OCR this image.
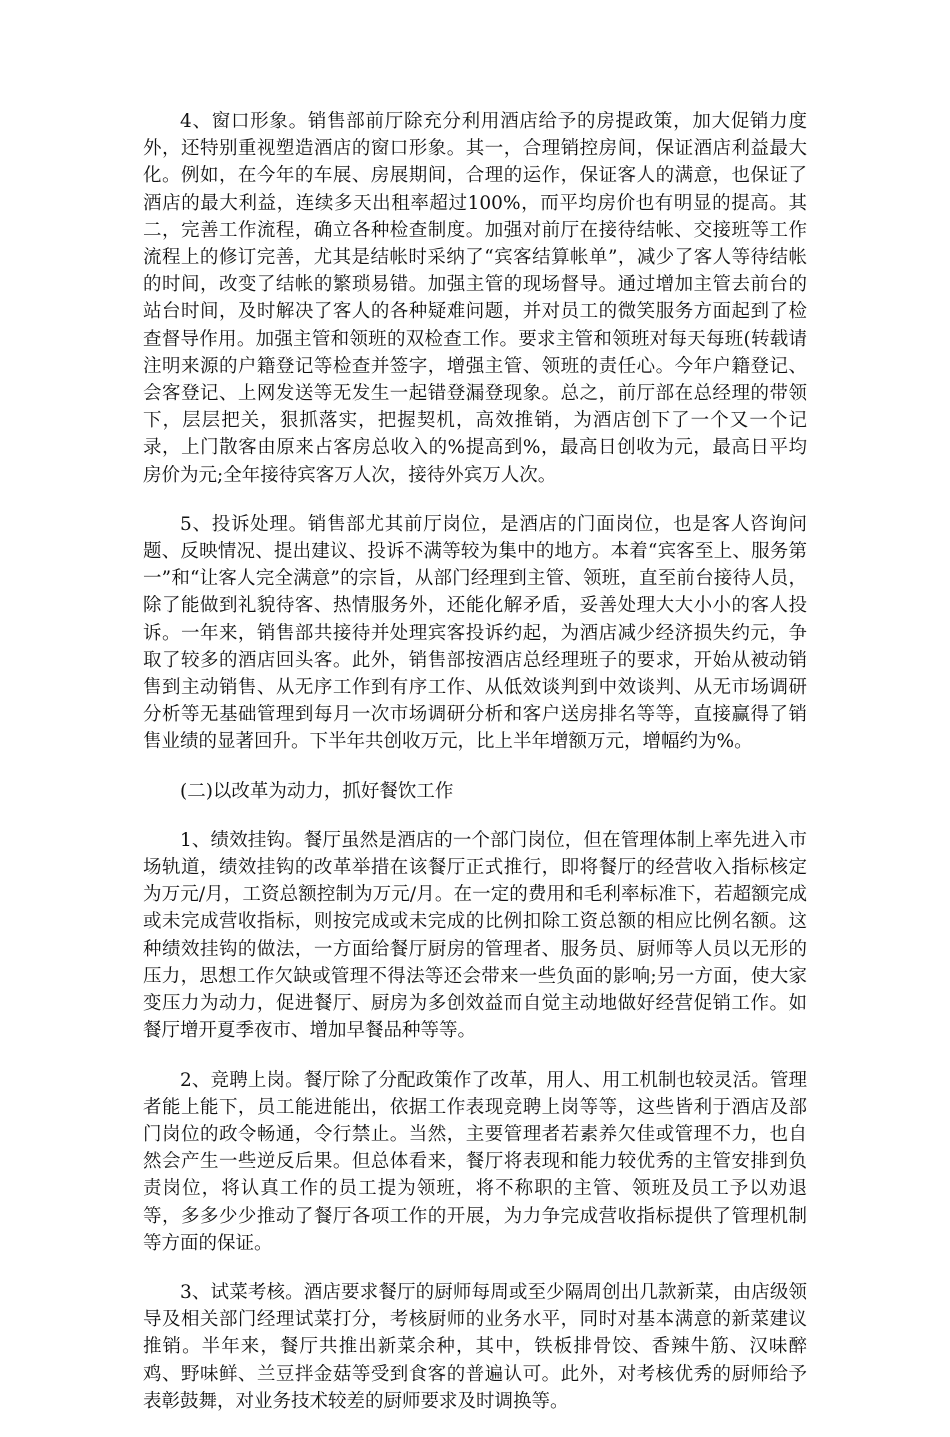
4、窗口形象。销售部前厅除充分利用酒店给予的房提政策，加大促销力度外，还特别重视塑造酒店的窗口形象。其一，合理销控房间，保证酒店利益最大化。例如，在今年的车展、房展期间，合理的运作，保证客人的满意，也保证了酒店的最大利益，连续多天出租率超过100%，而平均房价也有明显的提高。其二，完善工作流程，确立各种检查制度。加强对前厅在接待结帐、交接班等工作流程上的修订完善，尤其是结帐时采纳了“宾客结算帐单”，减少了客人等待结帐的时间，改变了结帐的繁琐易错。加强主管的现场督导。通过增加主管去前台的站台时间，及时解决了客人的各种疑难问题，并对员工的微笑服务方面起到了检查督导作用。加强主管和领班的双检查工作。要求主管和领班对每天每班(转载请注明来源的户籍登记等检查并签字，增强主管、领班的责任心。今年户籍登记、会客登记、上网发送等无发生一起错登漏登现象。总之，前厅部在总经理的带领下，层层把关，狠抓落实，把握契机，高效推销，为酒店创下了一个又一个记录，上门散客由原来占客房总收入的%提高到%，最高日创收为元，最高日平均房价为元;全年接待宾客万人次，接待外宾万人次。

5、投诉处理。销售部尤其前厅岗位，是酒店的门面岗位，也是客人咨询问题、反映情况、提出建议、投诉不满等较为集中的地方。本着“宾客至上、服务第一”和“让客人完全满意”的宗旨，从部门经理到主管、领班，直至前台接待人员，除了能做到礼貌待客、热情服务外，还能化解矛盾，妥善处理大大小小的客人投诉。一年来，销售部共接待并处理宾客投诉约起，为酒店减少经济损失约元，争取了较多的酒店回头客。此外，销售部按酒店总经理班子的要求，开始从被动销售到主动销售、从无序工作到有序工作、从低效谈判到中效谈判、从无市场调研分析等无基础管理到每月一次市场调研分析和客户送房排名等等，直接赢得了销售业绩的显著回升。下半年共创收万元，比上半年增额万元，增幅约为%。

(二)以改革为动力，抓好餐饮工作

1、绩效挂钩。餐厅虽然是酒店的一个部门岗位，但在管理体制上率先进入市场轨道，绩效挂钩的改革举措在该餐厅正式推行，即将餐厅的经营收入指标核定为万元/月，工资总额控制为万元/月。在一定的费用和毛利率标准下，若超额完成或未完成营收指标，则按完成或未完成的比例扣除工资总额的相应比例名额。这种绩效挂钩的做法，一方面给餐厅厨房的管理者、服务员、厨师等人员以无形的压力，思想工作欠缺或管理不得法等还会带来一些负面的影响;另一方面，使大家变压力为动力，促进餐厅、厨房为多创效益而自觉主动地做好经营促销工作。如餐厅增开夏季夜市、增加早餐品种等等。

2、竞聘上岗。餐厅除了分配政策作了改革，用人、用工机制也较灵活。管理者能上能下，员工能进能出，依据工作表现竞聘上岗等等，这些皆利于酒店及部门岗位的政令畅通，令行禁止。当然，主要管理者若素养欠佳或管理不力，也自然会产生一些逆反后果。但总体看来，餐厅将表现和能力较优秀的主管安排到负责岗位，将认真工作的员工提为领班，将不称职的主管、领班及员工予以劝退等，多多少少推动了餐厅各项工作的开展，为力争完成营收指标提供了管理机制等方面的保证。

3、试菜考核。酒店要求餐厅的厨师每周或至少隔周创出几款新菜，由店级领导及相关部门经理试菜打分，考核厨师的业务水平，同时对基本满意的新菜建议推销。半年来，餐厅共推出新菜余种，其中，铁板排骨饺、香辣牛筋、汉味醉鸡、野味鲜、兰豆拌金菇等受到食客的普遍认可。此外，对考核优秀的厨师给予表彰鼓舞，对业务技术较差的厨师要求及时调换等。
